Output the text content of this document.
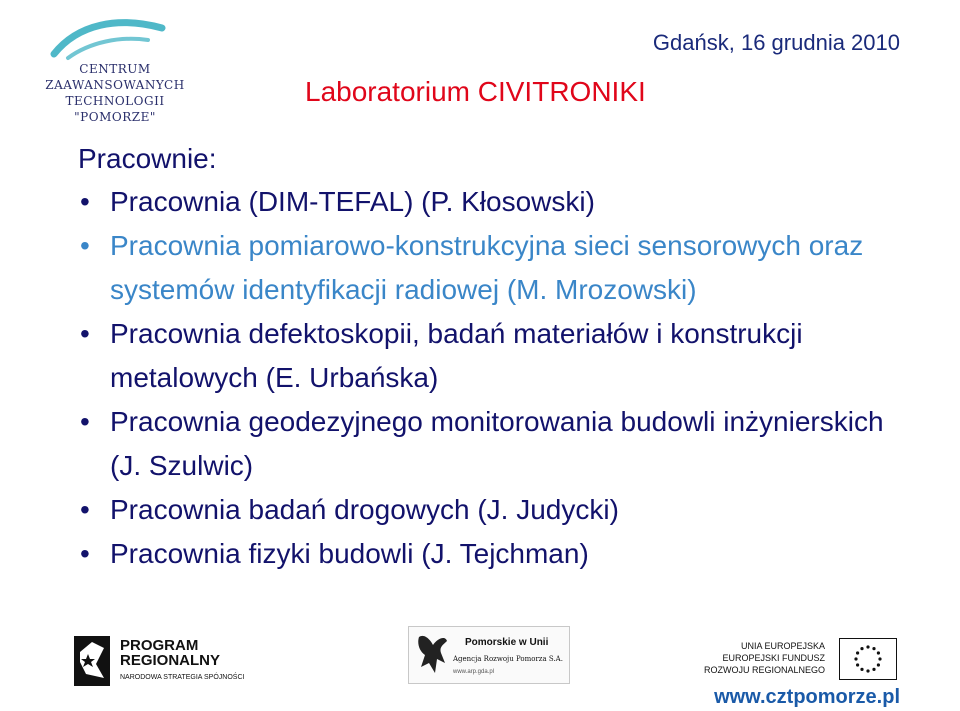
CENTRUM
ZAAWANSOWANYCH
TECHNOLOGII
"POMORZE"
Gdańsk, 16 grudnia 2010
Laboratorium CIVITRONIKI
Pracownie:
• Pracownia (DIM-TEFAL) (P. Kłosowski)
• Pracownia pomiarowo-konstrukcyjna sieci sensorowych oraz systemów identyfikacji radiowej (M. Mrozowski)
• Pracownia defektoskopii, badań materiałów i konstrukcji metalowych (E. Urbańska)
• Pracownia geodezyjnego monitorowania budowli inżynierskich (J. Szulwic)
• Pracownia badań drogowych (J. Judycki)
• Pracownia fizyki budowli (J. Tejchman)
PROGRAM
REGIONALNY
NARODOWA STRATEGIA SPÓJNOŚCI
Pomorskie w Unii
Agencja Rozwoju Pomorza S.A.
www.arp.gda.pl
UNIA EUROPEJSKA
EUROPEJSKI FUNDUSZ
ROZWOJU REGIONALNEGO
www.cztpomorze.pl
